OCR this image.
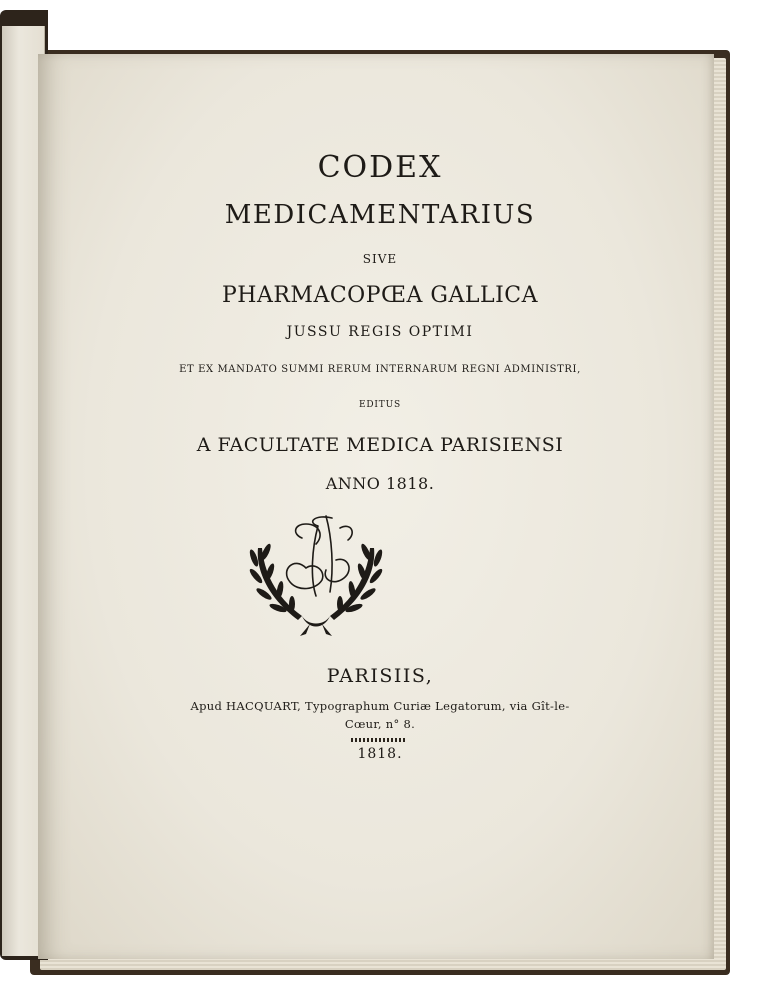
CODEX
MEDICAMENTARIUS
SIVE
PHARMACOPŒA GALLICA
JUSSU REGIS OPTIMI
ET EX MANDATO SUMMI RERUM INTERNARUM REGNI ADMINISTRI,
EDITUS
A FACULTATE MEDICA PARISIENSI
ANNO 1818.
PARISIIS,
Apud HACQUART, Typographum Curiæ Legatorum, via Gît-le-
Cœur, n° 8.
1818.
